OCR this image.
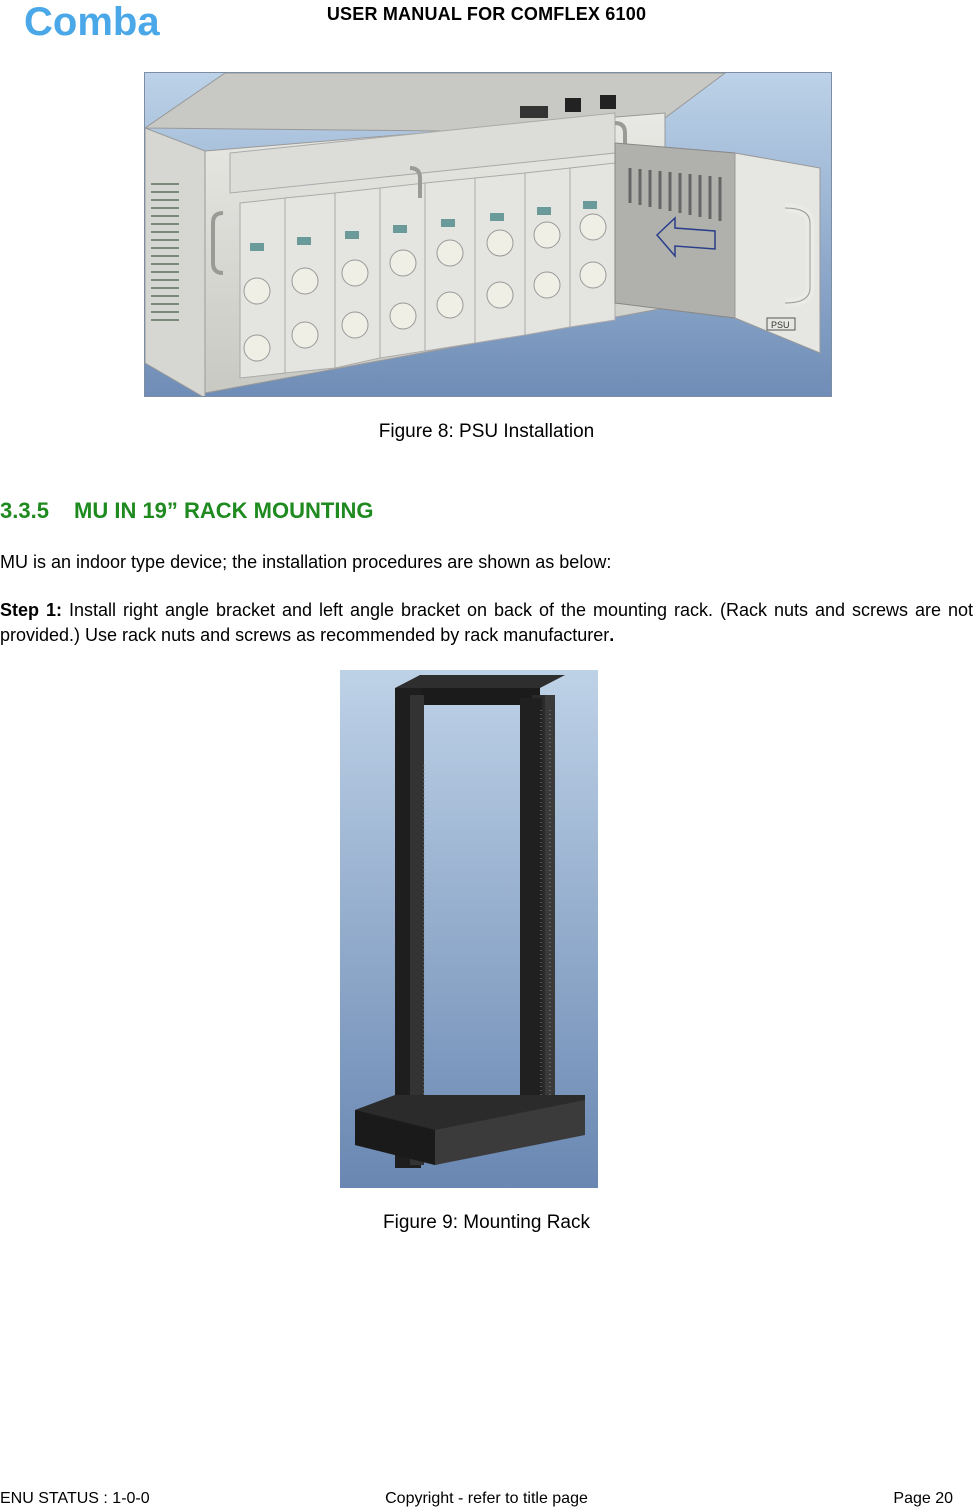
Comba	USER MANUAL FOR COMFLEX 6100
PSU
Figure 8: PSU Installation
3.3.5 MU IN 19” RACK MOUNTING
MU is an indoor type device; the installation procedures are shown as below:
Step 1: Install right angle bracket and left angle bracket on back of the mounting rack. (Rack nuts and screws are not provided.) Use rack nuts and screws as recommended by rack manufacturer.
Figure 9: Mounting Rack
ENU STATUS : 1-0-0	Copyright - refer to title page	Page 20
